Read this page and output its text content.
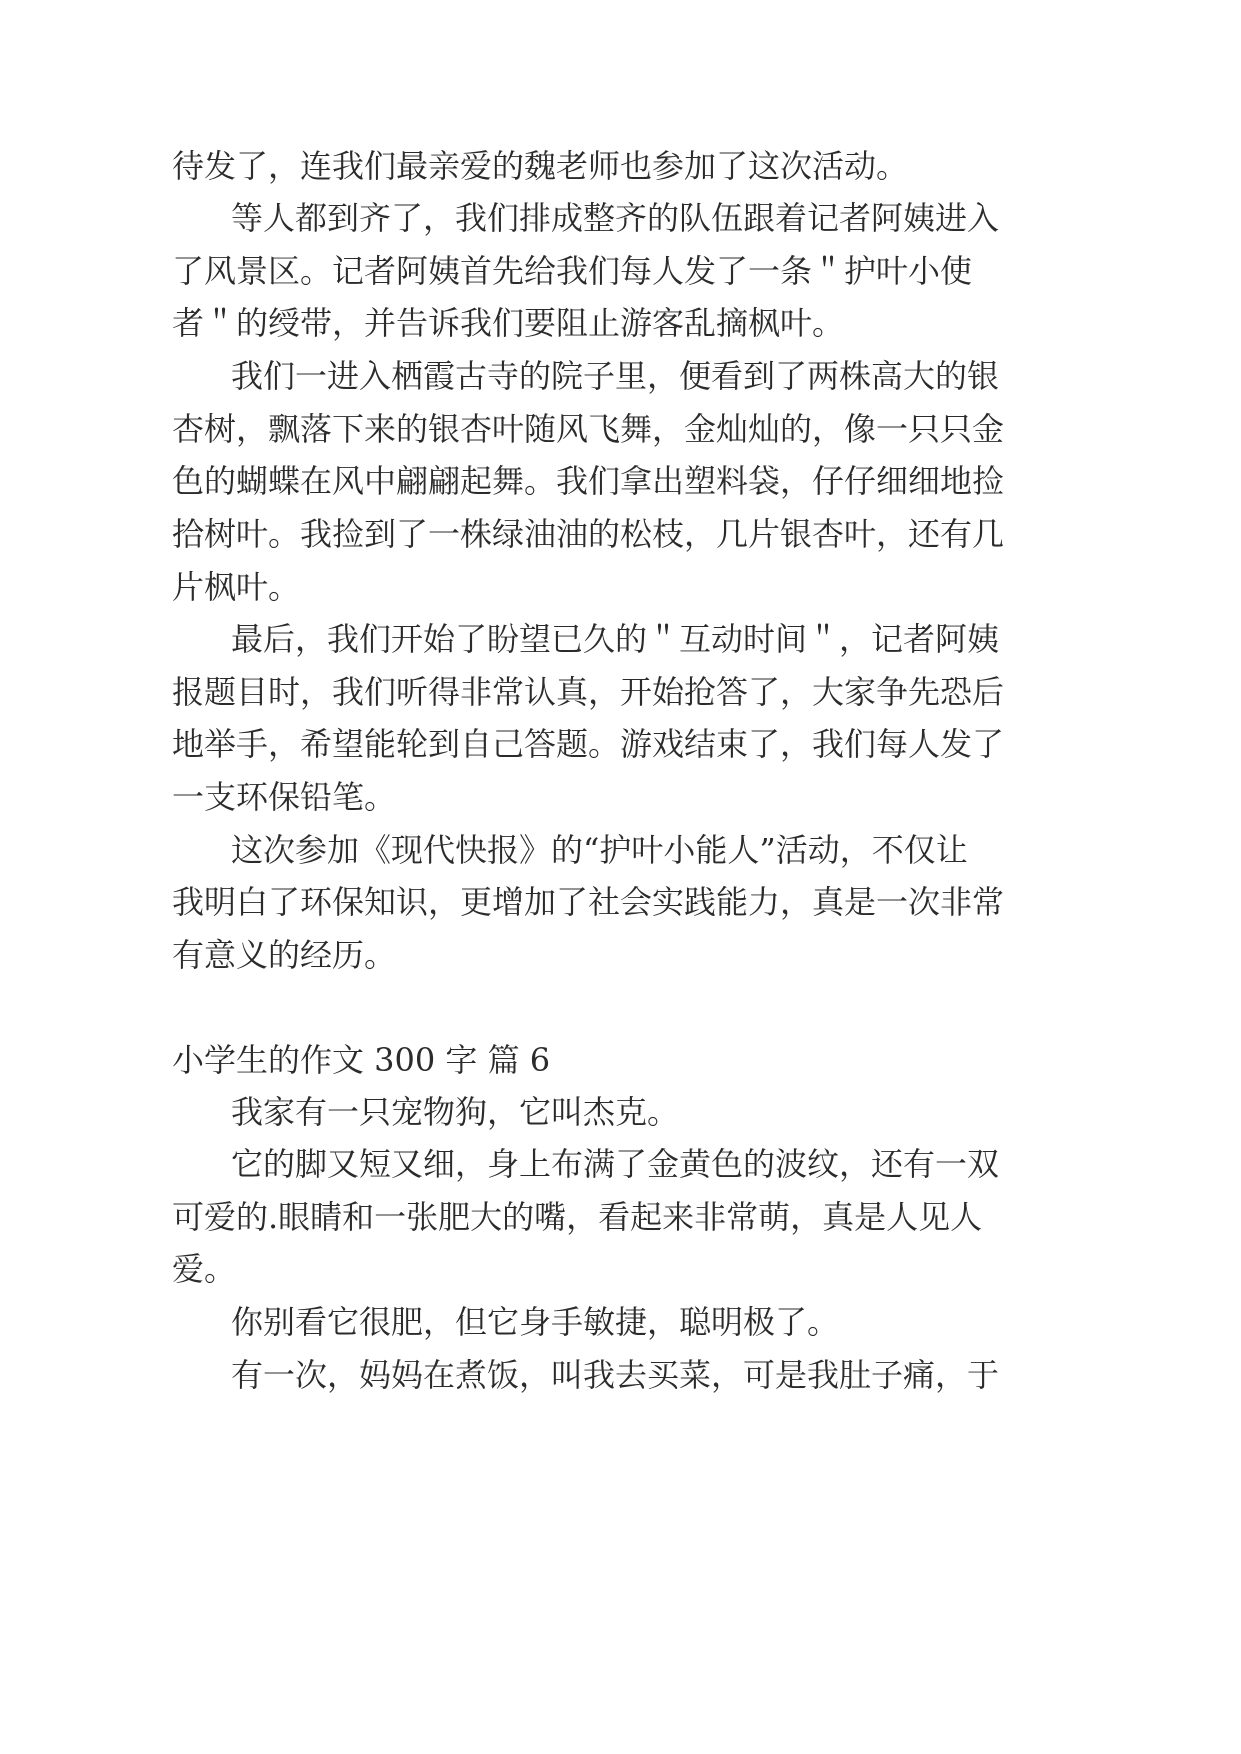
待发了，连我们最亲爱的魏老师也参加了这次活动。
等人都到齐了，我们排成整齐的队伍跟着记者阿姨进入
了风景区。记者阿姨首先给我们每人发了一条＂护叶小使
者＂的绶带，并告诉我们要阻止游客乱摘枫叶。
我们一进入栖霞古寺的院子里，便看到了两株高大的银
杏树，飘落下来的银杏叶随风飞舞，金灿灿的，像一只只金
色的蝴蝶在风中翩翩起舞。我们拿出塑料袋，仔仔细细地捡
拾树叶。我捡到了一株绿油油的松枝，几片银杏叶，还有几
片枫叶。
最后，我们开始了盼望已久的＂互动时间＂，记者阿姨
报题目时，我们听得非常认真，开始抢答了，大家争先恐后
地举手，希望能轮到自己答题。游戏结束了，我们每人发了
一支环保铅笔。
这次参加《现代快报》的“护叶小能人”活动，不仅让
我明白了环保知识，更增加了社会实践能力，真是一次非常
有意义的经历。
小学生的作文 300 字 篇 6
我家有一只宠物狗，它叫杰克。
它的脚又短又细，身上布满了金黄色的波纹，还有一双
可爱的.眼睛和一张肥大的嘴，看起来非常萌，真是人见人
爱。
你别看它很肥，但它身手敏捷，聪明极了。
有一次，妈妈在煮饭，叫我去买菜，可是我肚子痛，于
